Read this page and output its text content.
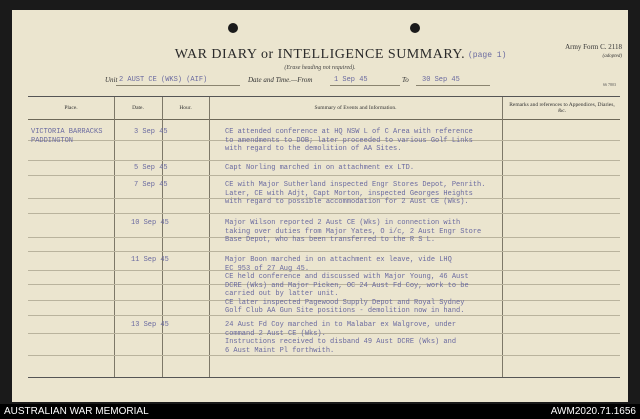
WAR DIARY or INTELLIGENCE SUMMARY.
(Erase heading not required).
(page 1)
Army Form C. 2118
(adopted)
Unit 2 AUST CE (WKS) (AIF)	Date and Time.—From	1 Sep 45	To 30 Sep 45
66 7803
Place.	Date.	Hour.	Summary of Events and Information.
Remarks and references to Appendices, Diaries, &c.
VICTORIA BARRACKS
PADDINGTON
3 Sep 45	CE attended conference at HQ NSW L of C Area with reference
to amendments to DOB; later proceeded to various Golf Links
with regard to the demolition of AA Sites.
5 Sep 45	Capt Norling marched in on attachment ex LTD.
7 Sep 45	CE with Major Sutherland inspected Engr Stores Depot, Penrith.
Later, CE with Adjt, Capt Morton, inspected Georges Heights
with regard to possible accommodation for 2 Aust CE (Wks).
10 Sep 45	Major Wilson reported 2 Aust CE (Wks) in connection with
taking over duties from Major Yates, O i/c, 2 Aust Engr Store
Base Depot, who has been transferred to the R S L.
11 Sep 45	Major Boon marched in on attachment ex leave, vide LHQ
EC 953 of 27 Aug 45.
CE held conference and discussed with Major Young, 46 Aust
DCRE (Wks) and Major Picken, OC 24 Aust Fd Coy, work to be
carried out by latter unit.
CE later inspected Pagewood Supply Depot and Royal Sydney
Golf Club AA Gun Site positions - demolition now in hand.
13 Sep 45	24 Aust Fd Coy marched in to Malabar ex Walgrove, under
command 2 Aust CE (Wks).
Instructions received to disband 49 Aust DCRE (Wks) and
6 Aust Maint Pl forthwith.
AUSTRALIAN WAR MEMORIAL	AWM2020.71.1656
